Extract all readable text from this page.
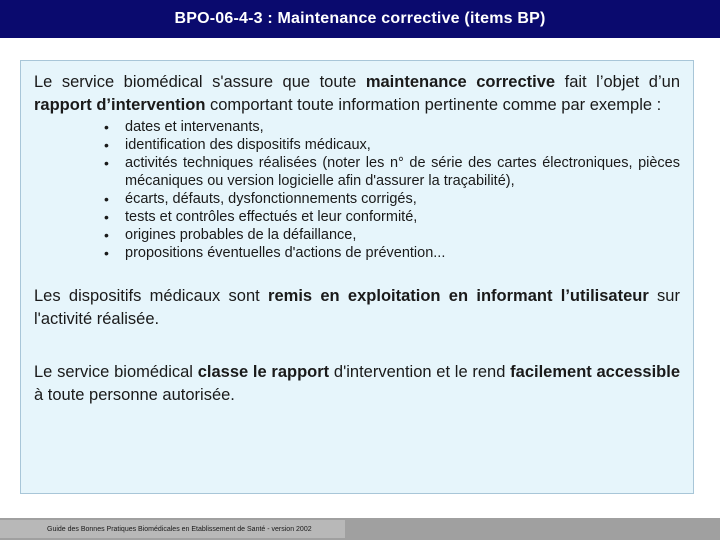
BPO-06-4-3 : Maintenance corrective (items BP)

Le service biomédical s'assure que toute maintenance corrective fait l’objet d’un rapport d’intervention comportant toute information pertinente comme par exemple :

• dates et intervenants,
• identification des dispositifs médicaux,
• activités techniques réalisées (noter les n° de série des cartes électroniques, pièces mécaniques ou version logicielle afin d'assurer la traçabilité),
• écarts, défauts, dysfonctionnements corrigés,
• tests et contrôles effectués et leur conformité,
• origines probables de la défaillance,
• propositions éventuelles d'actions de prévention...

Les dispositifs médicaux sont remis en exploitation en informant l’utilisateur sur l'activité réalisée.

Le service biomédical classe le rapport d'intervention et le rend facilement accessible à toute personne autorisée.

Guide des Bonnes Pratiques Biomédicales en Etablissement de Santé - version 2002
